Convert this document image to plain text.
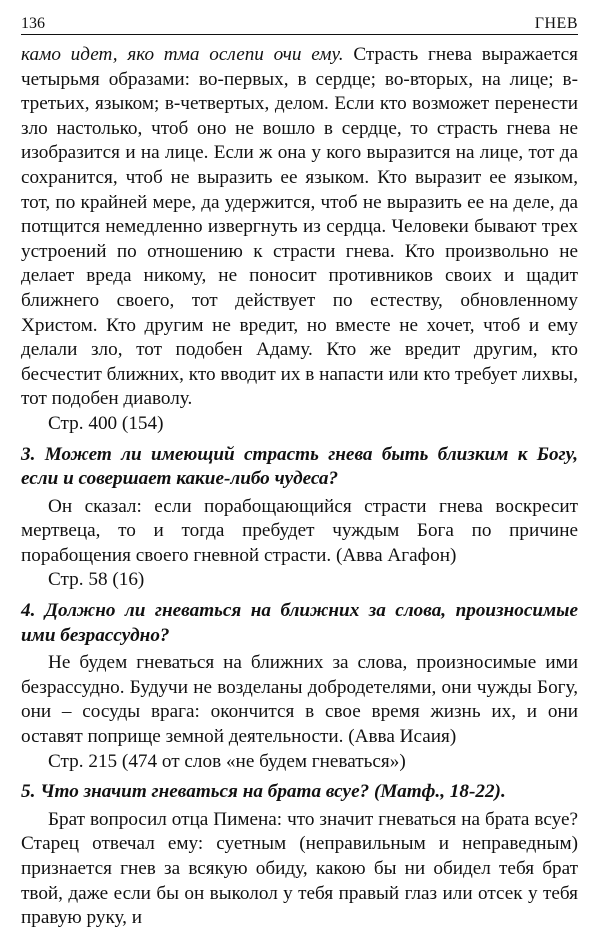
136	ГНЕВ

камо идет, яко тма ослепи очи ему. Страсть гнева выражается четырьмя образами: во-первых, в сердце; во-вторых, на лице; в-третьих, языком; в-четвертых, делом. Если кто возможет перенести зло настолько, чтоб оно не вошло в сердце, то страсть гнева не изобразится и на лице. Если ж она у кого выразится на лице, тот да сохранится, чтоб не выразить ее языком. Кто выразит ее языком, тот, по крайней мере, да удержится, чтоб не выразить ее на деле, да потщится немедленно извергнуть из сердца. Человеки бывают трех устроений по отношению к страсти гнева. Кто произвольно не делает вреда никому, не поносит противников своих и щадит ближнего своего, тот действует по естеству, обновленному Христом. Кто другим не вредит, но вместе не хочет, чтоб и ему делали зло, тот подобен Адаму. Кто же вредит другим, кто бесчестит ближних, кто вводит их в напасти или кто требует лихвы, тот подобен диаволу.

Стр. 400 (154)

3. Может ли имеющий страсть гнева быть близким к Богу, если и совершает какие-либо чудеса?

Он сказал: если порабощающийся страсти гнева воскресит мертвеца, то и тогда пребудет чуждым Бога по причине порабощения своего гневной страсти. (Авва Агафон)

Стр. 58 (16)

4. Должно ли гневаться на ближних за слова, произносимые ими безрассудно?

Не будем гневаться на ближних за слова, произносимые ими безрассудно. Будучи не возделаны добродетелями, они чужды Богу, они – сосуды врага: окончится в свое время жизнь их, и они оставят поприще земной деятельности. (Авва Исаия)

Стр. 215 (474 от слов «не будем гневаться»)

5. Что значит гневаться на брата всуе? (Матф., 18-22).

Брат вопросил отца Пимена: что значит гневаться на брата всуе? Старец отвечал ему: суетным (неправильным и неправедным) признается гнев за всякую обиду, какою бы ни обидел тебя брат твой, даже если бы он выколол у тебя правый глаз или отсек у тебя правую руку, и
